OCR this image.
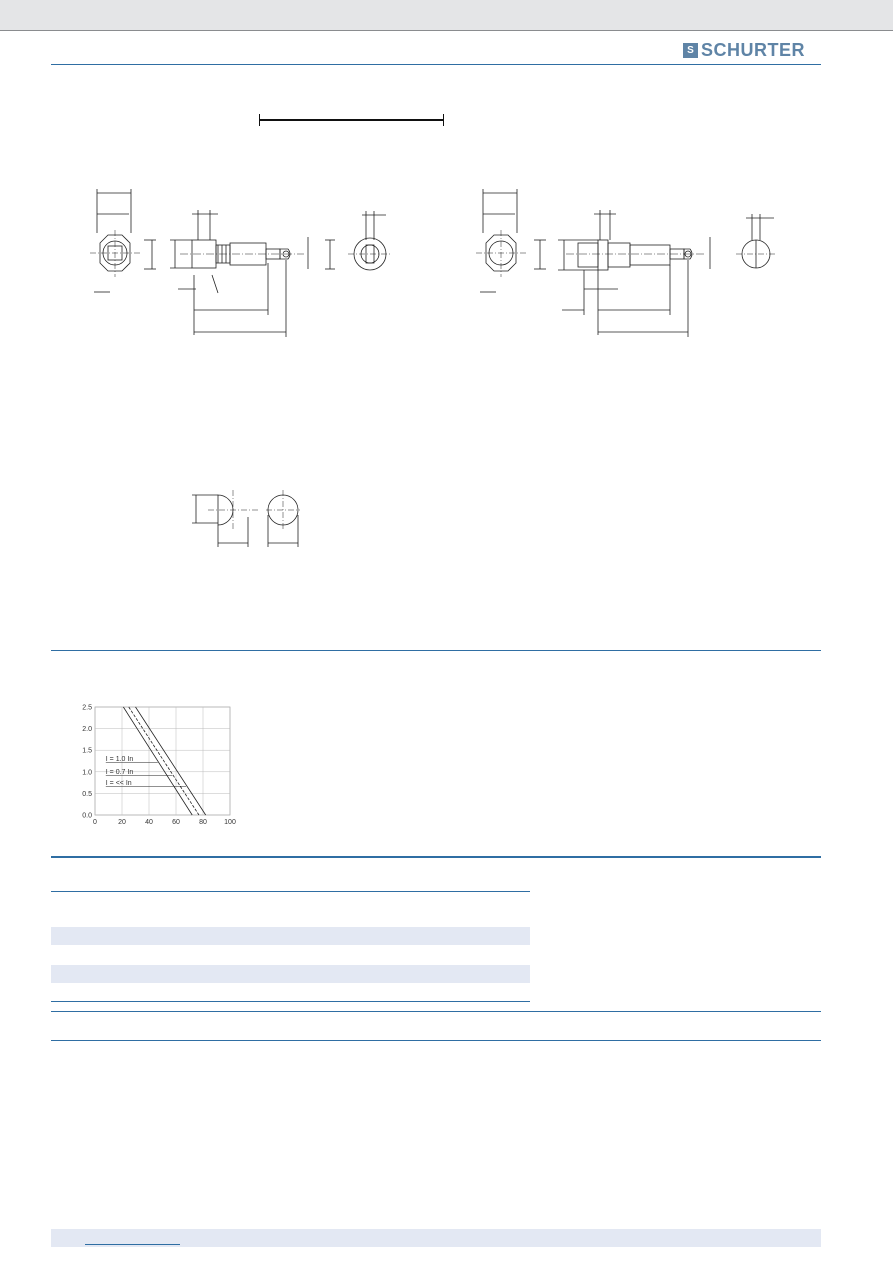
S SCHURTER
0	20	40	60	80 100
0.0
0.5
1.0
1.5
2.0
2.5
I = 1.0 In
I = 0.7 In
I = << In
